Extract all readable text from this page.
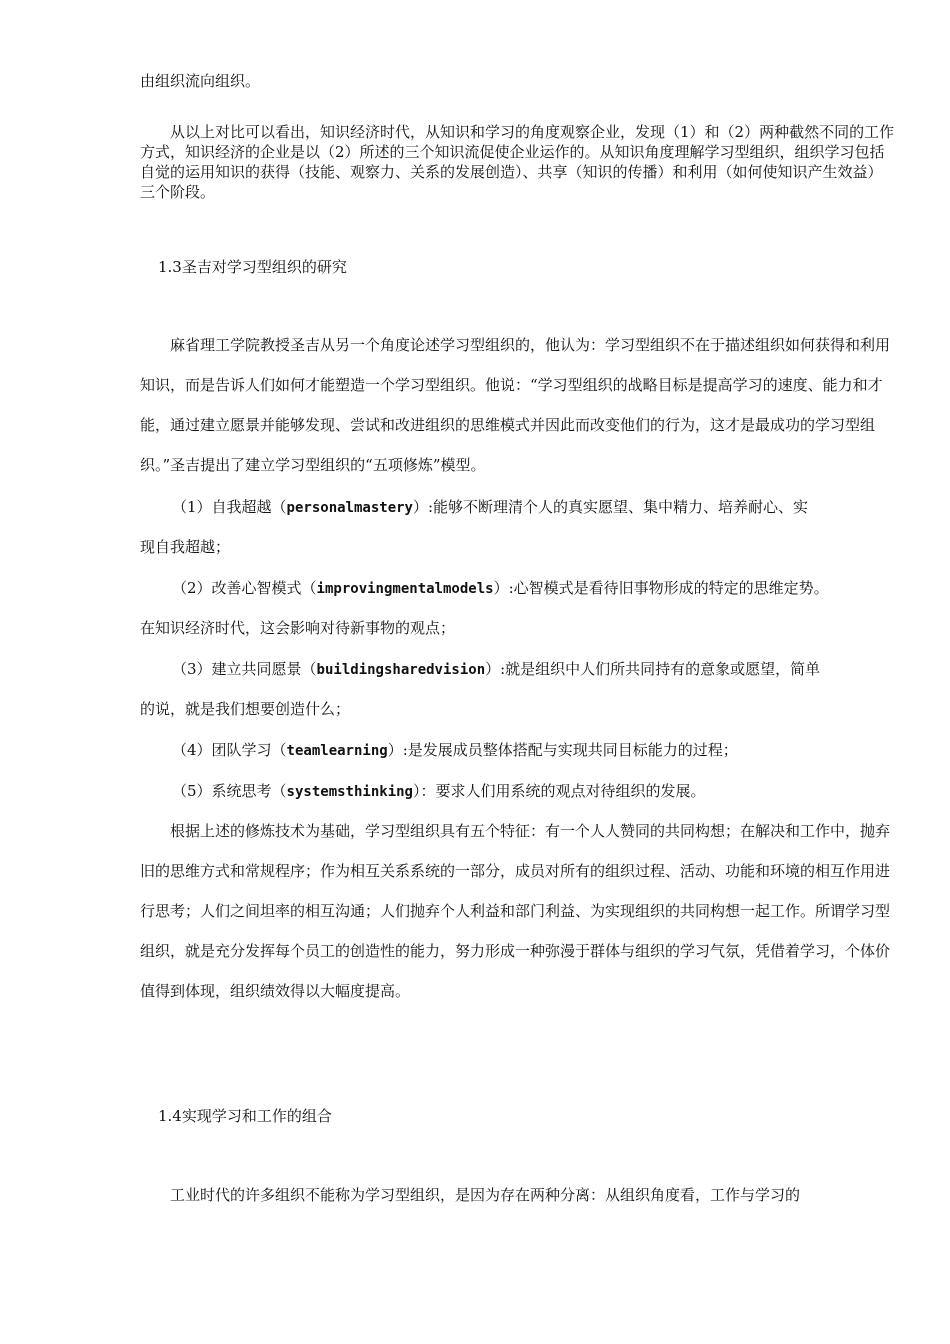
由组织流向组织。

从以上对比可以看出，知识经济时代，从知识和学习的角度观察企业，发现（1）和（2）两种截然不同的工作方式，知识经济的企业是以（2）所述的三个知识流促使企业运作的。从知识角度理解学习型组织，组织学习包括自觉的运用知识的获得（技能、观察力、关系的发展创造）、共享（知识的传播）和利用（如何使知识产生效益）三个阶段。

1.3圣吉对学习型组织的研究

麻省理工学院教授圣吉从另一个角度论述学习型组织的，他认为：学习型组织不在于描述组织如何获得和利用知识，而是告诉人们如何才能塑造一个学习型组织。他说：“学习型组织的战略目标是提高学习的速度、能力和才能，通过建立愿景并能够发现、尝试和改进组织的思维模式并因此而改变他们的行为，这才是最成功的学习型组织。”圣吉提出了建立学习型组织的“五项修炼”模型。

（1）自我超越（personalmastery）:能够不断理清个人的真实愿望、集中精力、培养耐心、实

现自我超越；

（2）改善心智模式（improvingmentalmodels）:心智模式是看待旧事物形成的特定的思维定势。

在知识经济时代，这会影响对待新事物的观点；

（3）建立共同愿景（buildingsharedvision）:就是组织中人们所共同持有的意象或愿望，简单

的说，就是我们想要创造什么；

（4）团队学习（teamlearning）:是发展成员整体搭配与实现共同目标能力的过程；

（5）系统思考（systemsthinking）：要求人们用系统的观点对待组织的发展。

根据上述的修炼技术为基础，学习型组织具有五个特征：有一个人人赞同的共同构想；在解决和工作中，抛弃旧的思维方式和常规程序；作为相互关系系统的一部分，成员对所有的组织过程、活动、功能和环境的相互作用进行思考；人们之间坦率的相互沟通；人们抛弃个人利益和部门利益、为实现组织的共同构想一起工作。所谓学习型组织，就是充分发挥每个员工的创造性的能力，努力形成一种弥漫于群体与组织的学习气氛，凭借着学习，个体价值得到体现，组织绩效得以大幅度提高。

1.4实现学习和工作的组合

工业时代的许多组织不能称为学习型组织，是因为存在两种分离：从组织角度看，工作与学习的
